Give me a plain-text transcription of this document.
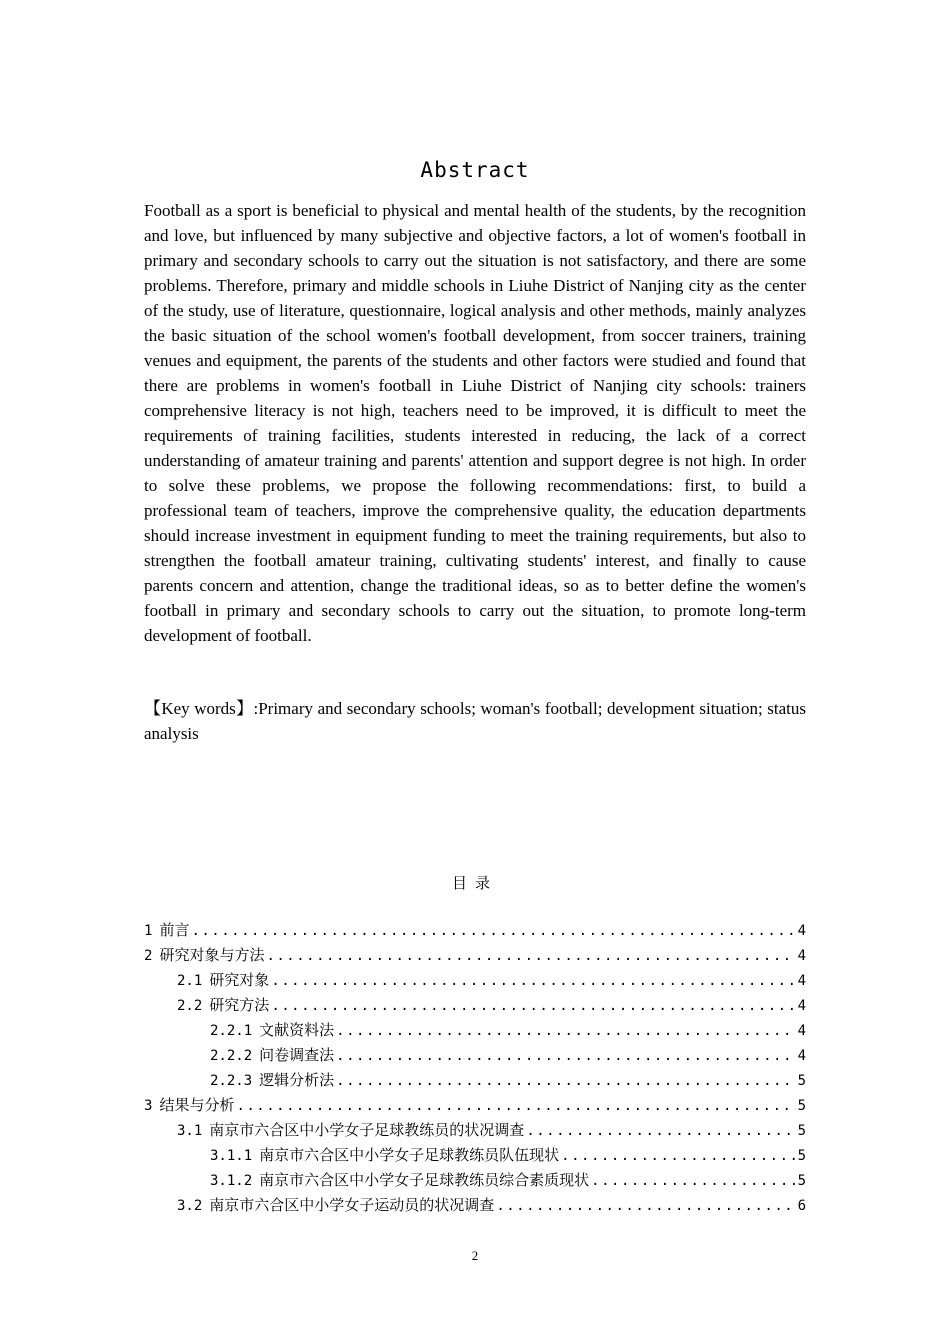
Abstract

Football as a sport is beneficial to physical and mental health of the students, by the recognition and love, but influenced by many subjective and objective factors, a lot of women's football in primary and secondary schools to carry out the situation is not satisfactory, and there are some problems. Therefore, primary and middle schools in Liuhe District of Nanjing city as the center of the study, use of literature, questionnaire, logical analysis and other methods, mainly analyzes the basic situation of the school women's football development, from soccer trainers, training venues and equipment, the parents of the students and other factors were studied and found that there are problems in women's football in Liuhe District of Nanjing city schools: trainers comprehensive literacy is not high, teachers need to be improved, it is difficult to meet the requirements of training facilities, students interested in reducing, the lack of a correct understanding of amateur training and parents' attention and support degree is not high. In order to solve these problems, we propose the following recommendations: first, to build a professional team of teachers, improve the comprehensive quality, the education departments should increase investment in equipment funding to meet the training requirements, but also to strengthen the football amateur training, cultivating students' interest, and finally to cause parents concern and attention, change the traditional ideas, so as to better define the women's football in primary and secondary schools to carry out the situation, to promote long-term development of football.

【Key words】:Primary and secondary schools; woman's football; development situation; status analysis

目录
1 前言 .....	4
2 研究对象与方法 .....	4
2.1 研究对象 .....	4
2.2 研究方法 .....	4
2.2.1 文献资料法 .....	4
2.2.2 问卷调查法 .....	4
2.2.3 逻辑分析法 .....	5
3 结果与分析 .....	5
3.1 南京市六合区中小学女子足球教练员的状况调查 .....	5
3.1.1 南京市六合区中小学女子足球教练员队伍现状 .....	5
3.1.2 南京市六合区中小学女子足球教练员综合素质现状 .....	5
3.2 南京市六合区中小学女子运动员的状况调查 .....	6
2
